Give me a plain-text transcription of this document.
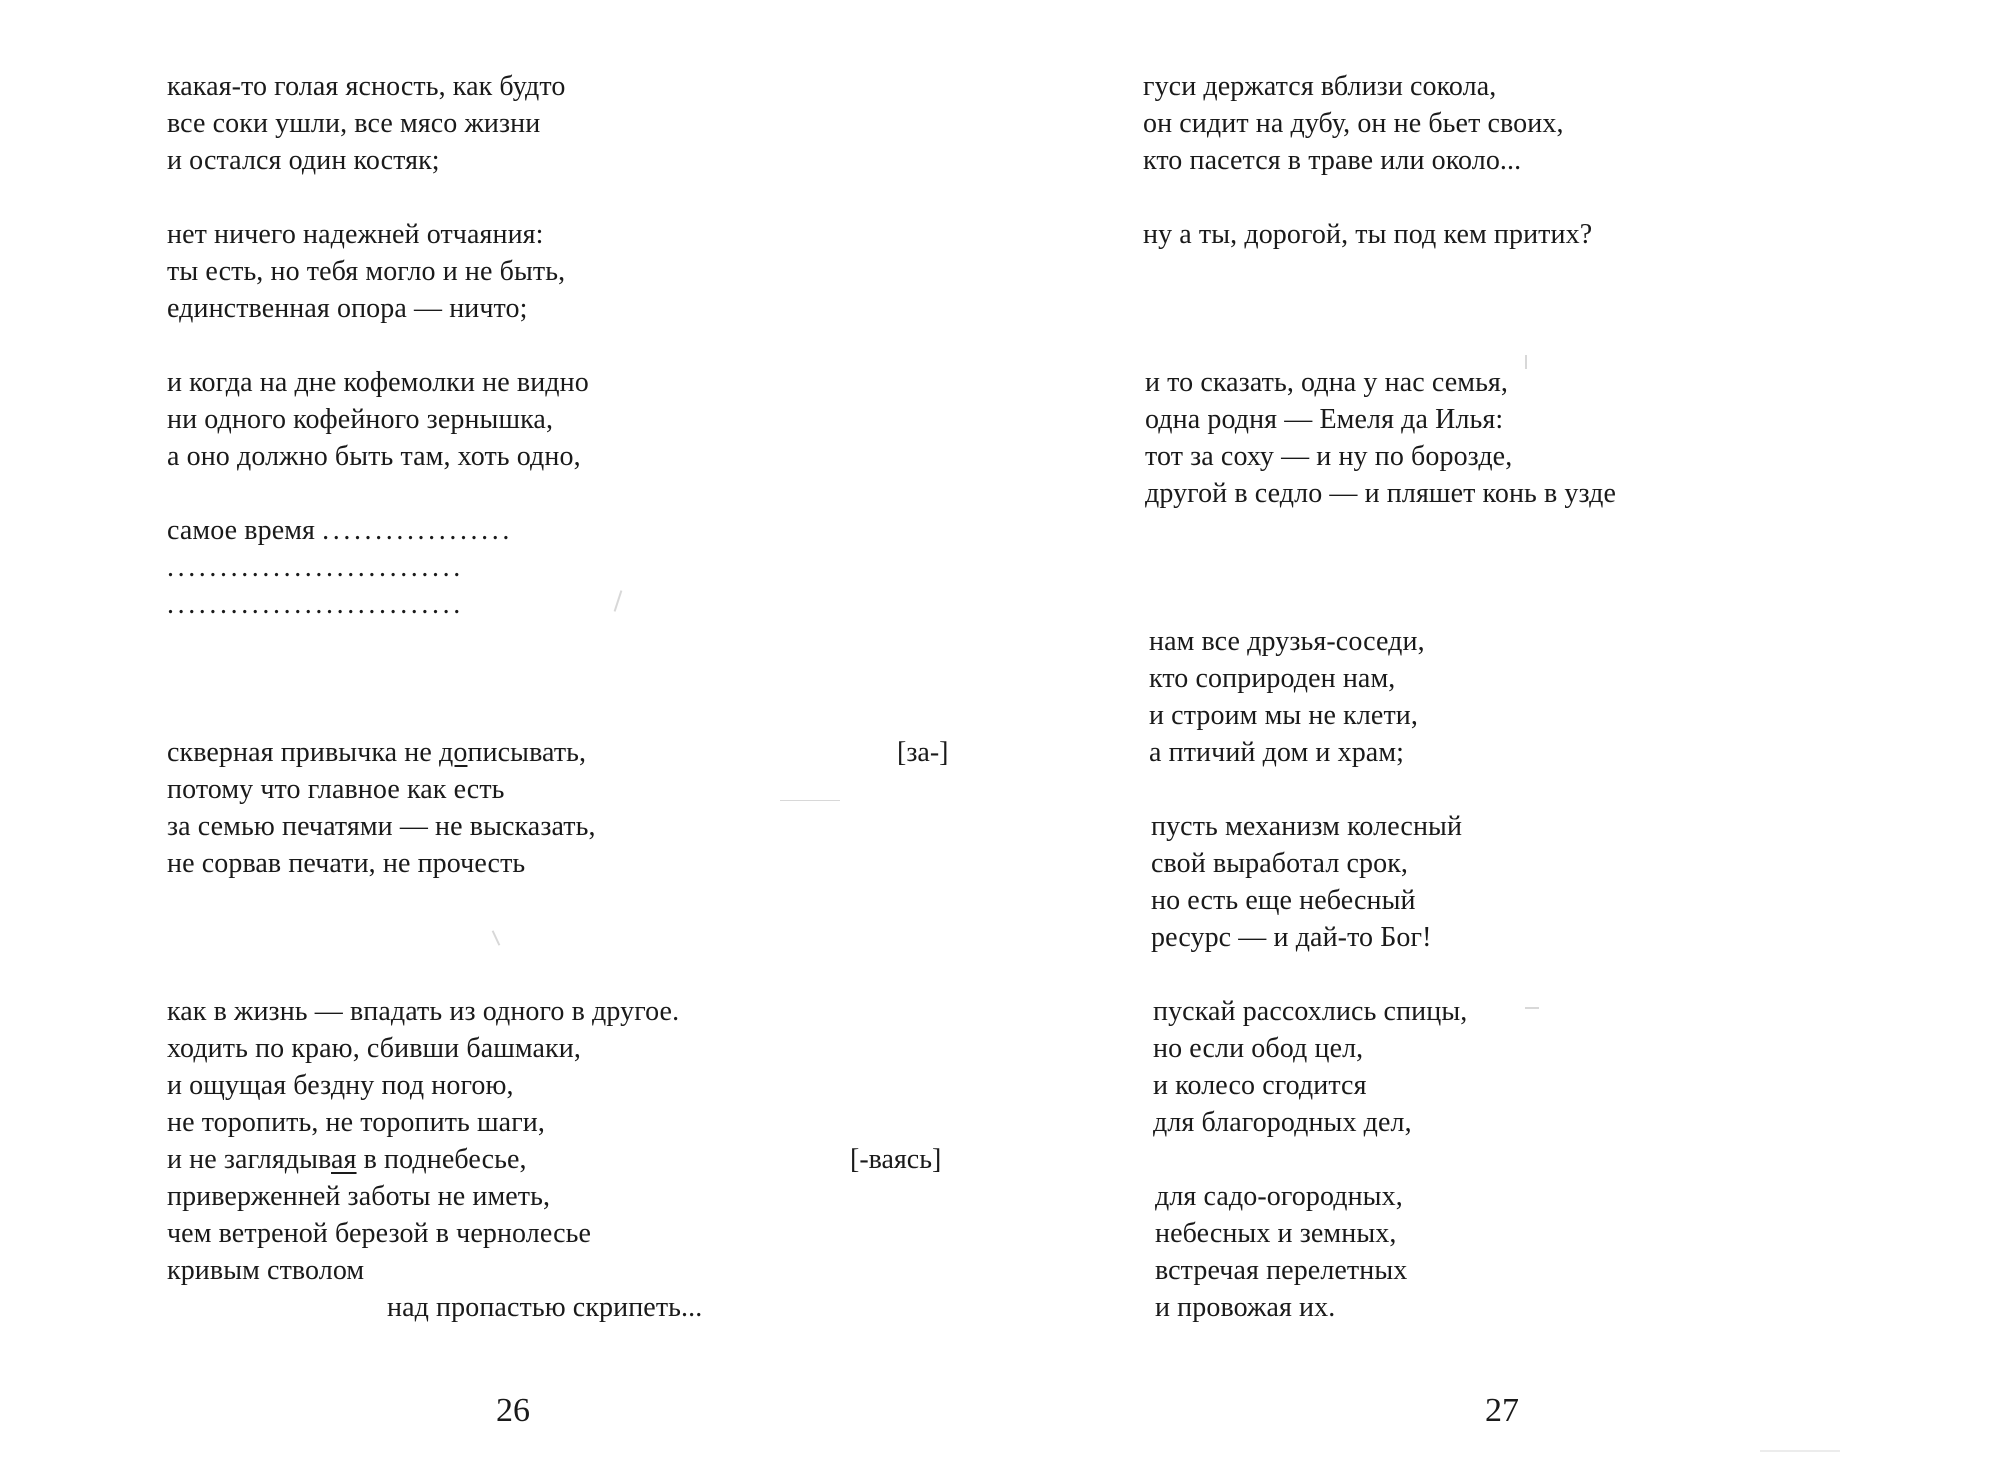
какая-то голая ясность, как будто
все соки ушли, все мясо жизни
и остался один костяк;
нет ничего надежней отчаяния:
ты есть, но тебя могло и не быть,
единственная опора — ничто;
и когда на дне кофемолки не видно
ни одного кофейного зернышка,
а оно должно быть там, хоть одно,
самое время ..................
............................
............................
скверная привычка не дописывать,	[за-]
потому что главное как есть
за семью печатями — не высказать,
не сорвав печати, не прочесть
как в жизнь — впадать из одного в другое.
ходить по краю, сбивши башмаки,
и ощущая бездну под ногою,
не торопить, не торопить шаги,
и не заглядывая в поднебесье,	[-ваясь]
приверженней заботы не иметь,
чем ветреной березой в чернолесье
кривым стволом
над пропастью скрипеть...
26
гуси держатся вблизи сокола,
он сидит на дубу, он не бьет своих,
кто пасется в траве или около...
ну а ты, дорогой, ты под кем притих?
и то сказать, одна у нас семья,
одна родня — Емеля да Илья:
тот за соху — и ну по борозде,
другой в седло — и пляшет конь в узде
нам все друзья-соседи,
кто соприроден нам,
и строим мы не клети,
а птичий дом и храм;
пусть механизм колесный
свой выработал срок,
но есть еще небесный
ресурс — и дай-то Бог!
пускай рассохлись спицы,
но если обод цел,
и колесо сгодится
для благородных дел,
для садо-огородных,
небесных и земных,
встречая перелетных
и провожая их.
27
